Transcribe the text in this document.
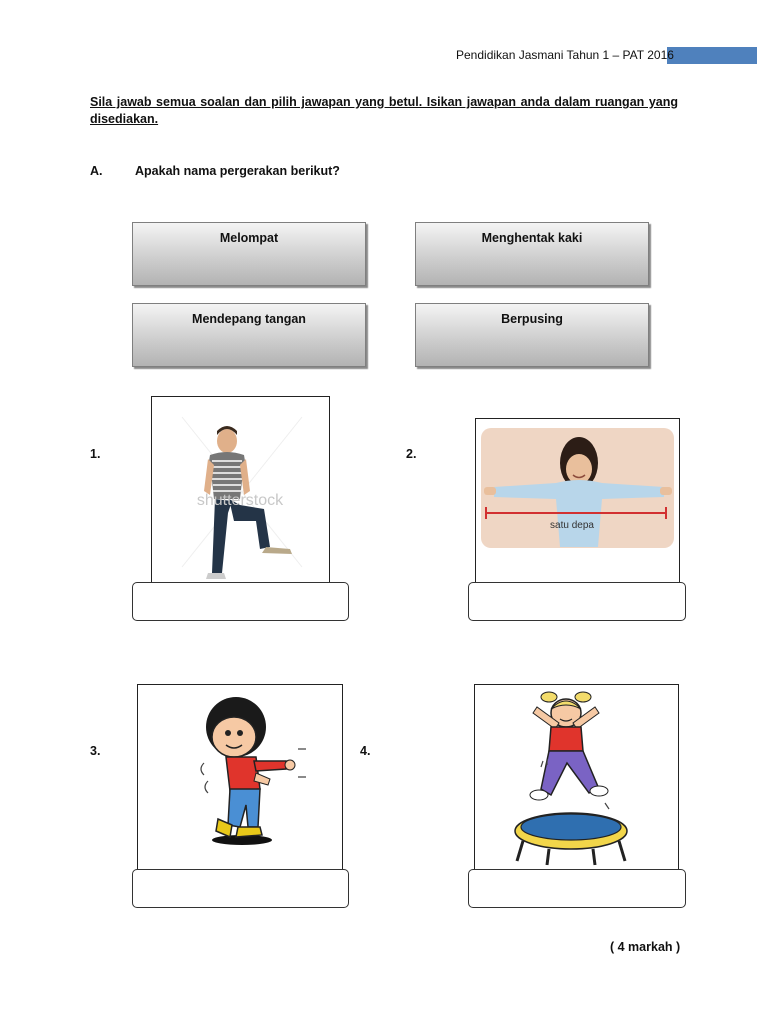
Pendidikan Jasmani Tahun 1 – PAT 2016
Sila jawab semua soalan dan pilih jawapan yang betul. Isikan jawapan anda dalam ruangan yang disediakan.
A.	Apakah nama pergerakan berikut?
Melompat	Menghentak kaki
Mendepang tangan	Berpusing
1.
shutterstock
2.
satu depa
3.	4.
( 4 markah )
